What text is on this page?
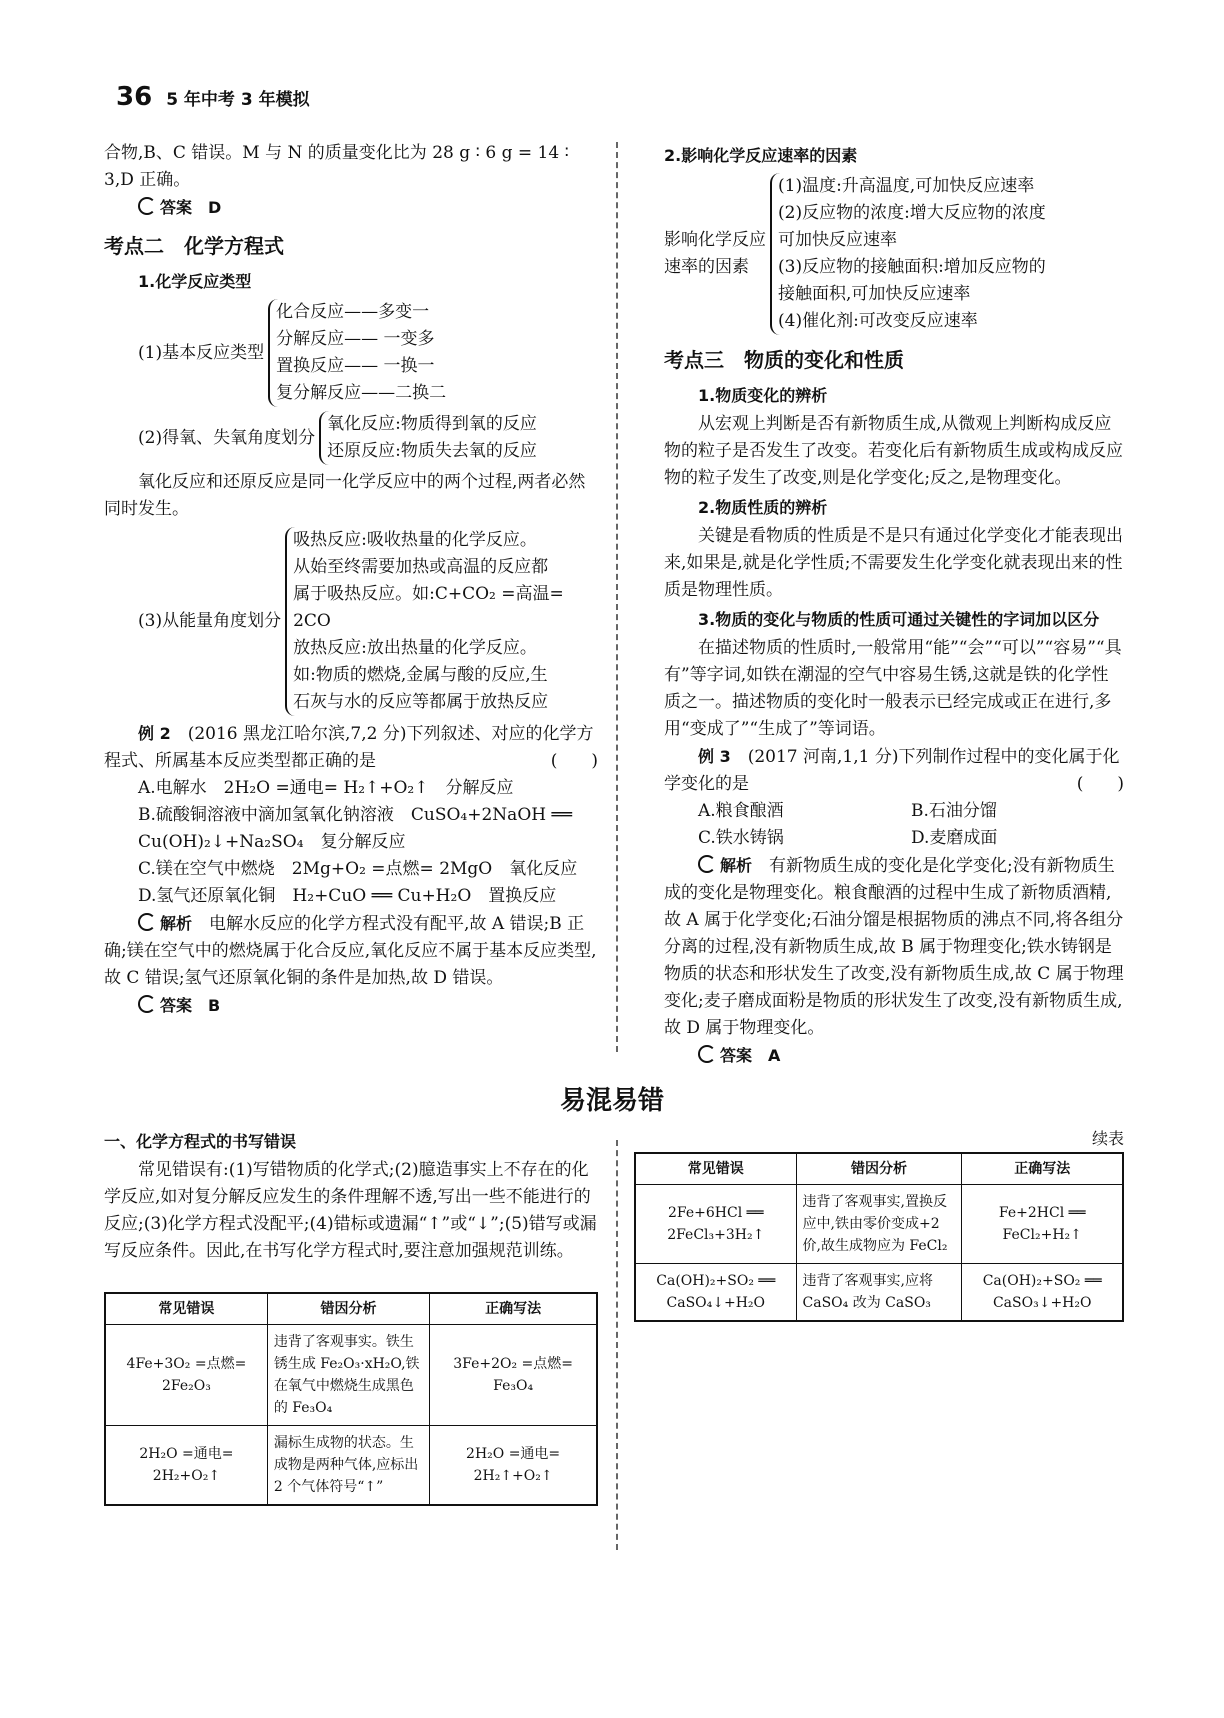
36 5 年中考 3 年模拟

合物,B、C 错误。M 与 N 的质量变化比为 28 g ∶ 6 g = 14 ∶ 3,D 正确。

答案　D
考点二　化学方程式
1.化学反应类型
(1)基本反应类型
化合反应——多变一
分解反应—— 一变多
置换反应—— 一换一
复分解反应——二换二
(2)得氧、失氧角度划分
氧化反应:物质得到氧的反应
还原反应:物质失去氧的反应

氧化反应和还原反应是同一化学反应中的两个过程,两者必然同时发生。

(3)从能量角度划分
吸热反应:吸收热量的化学反应。
从始至终需要加热或高温的反应都
属于吸热反应。如:C+CO₂ =高温= 2CO
放热反应:放出热量的化学反应。
如:物质的燃烧,金属与酸的反应,生
石灰与水的反应等都属于放热反应

例 2　 (2016 黑龙江哈尔滨,7,2 分)下列叙述、对应的化学方程式、所属基本反应类型都正确的是	(　　)

A.电解水　2H₂O =通电= H₂↑+O₂↑　分解反应
B.硫酸铜溶液中滴加氢氧化钠溶液　CuSO₄+2NaOH ══ Cu(OH)₂↓+Na₂SO₄　复分解反应
C.镁在空气中燃烧　2Mg+O₂ =点燃= 2MgO　氧化反应
D.氢气还原氧化铜　H₂+CuO ══ Cu+H₂O　置换反应

解析　 电解水反应的化学方程式没有配平,故 A 错误;B 正确;镁在空气中的燃烧属于化合反应,氧化反应不属于基本反应类型,故 C 错误;氢气还原氧化铜的条件是加热,故 D 错误。

答案　B
2.影响化学反应速率的因素
影响化学反应
速率的因素
(1)温度:升高温度,可加快反应速率
(2)反应物的浓度:增大反应物的浓度
可加快反应速率
(3)反应物的接触面积:增加反应物的
接触面积,可加快反应速率
(4)催化剂:可改变反应速率
考点三　物质的变化和性质
1.物质变化的辨析

从宏观上判断是否有新物质生成,从微观上判断构成反应物的粒子是否发生了改变。若变化后有新物质生成或构成反应物的粒子发生了改变,则是化学变化;反之,是物理变化。

2.物质性质的辨析

关键是看物质的性质是不是只有通过化学变化才能表现出来,如果是,就是化学性质;不需要发生化学变化就表现出来的性质是物理性质。

3.物质的变化与物质的性质可通过关键性的字词加以区分

在描述物质的性质时,一般常用“能”“会”“可以”“容易”“具有”等字词,如铁在潮湿的空气中容易生锈,这就是铁的化学性质之一。描述物质的变化时一般表示已经完成或正在进行,多用“变成了”“生成了”等词语。

例 3　 (2017 河南,1,1 分)下列制作过程中的变化属于化学变化的是	(　　)

A.粮食酿酒	B.石油分馏
C.铁水铸锅	D.麦磨成面

解析　 有新物质生成的变化是化学变化;没有新物质生成的变化是物理变化。粮食酿酒的过程中生成了新物质酒精,故 A 属于化学变化;石油分馏是根据物质的沸点不同,将各组分分离的过程,没有新物质生成,故 B 属于物理变化;铁水铸钢是物质的状态和形状发生了改变,没有新物质生成,故 C 属于物理变化;麦子磨成面粉是物质的形状发生了改变,没有新物质生成,故 D 属于物理变化。

答案　A
易混易错
一、化学方程式的书写错误

常见错误有:(1)写错物质的化学式;(2)臆造事实上不存在的化学反应,如对复分解反应发生的条件理解不透,写出一些不能进行的反应;(3)化学方程式没配平;(4)错标或遗漏“↑”或“↓”;(5)错写或漏写反应条件。因此,在书写化学方程式时,要注意加强规范训练。

续表
常见错误	错因分析	正确写法
4Fe+3O₂ =点燃= 2Fe₂O₃	违背了客观事实。铁生锈生成 Fe₂O₃·xH₂O,铁在氧气中燃烧生成黑色的 Fe₃O₄	3Fe+2O₂ =点燃= Fe₃O₄
2H₂O =通电= 2H₂+O₂↑	漏标生成物的状态。生成物是两种气体,应标出 2 个气体符号“↑”	2H₂O =通电= 2H₂↑+O₂↑
常见错误	错因分析	正确写法
2Fe+6HCl ══ 2FeCl₃+3H₂↑	违背了客观事实,置换反应中,铁由零价变成+2 价,故生成物应为 FeCl₂	Fe+2HCl ══ FeCl₂+H₂↑
Ca(OH)₂+SO₂ ══ CaSO₄↓+H₂O	违背了客观事实,应将 CaSO₄ 改为 CaSO₃	Ca(OH)₂+SO₂ ══ CaSO₃↓+H₂O
